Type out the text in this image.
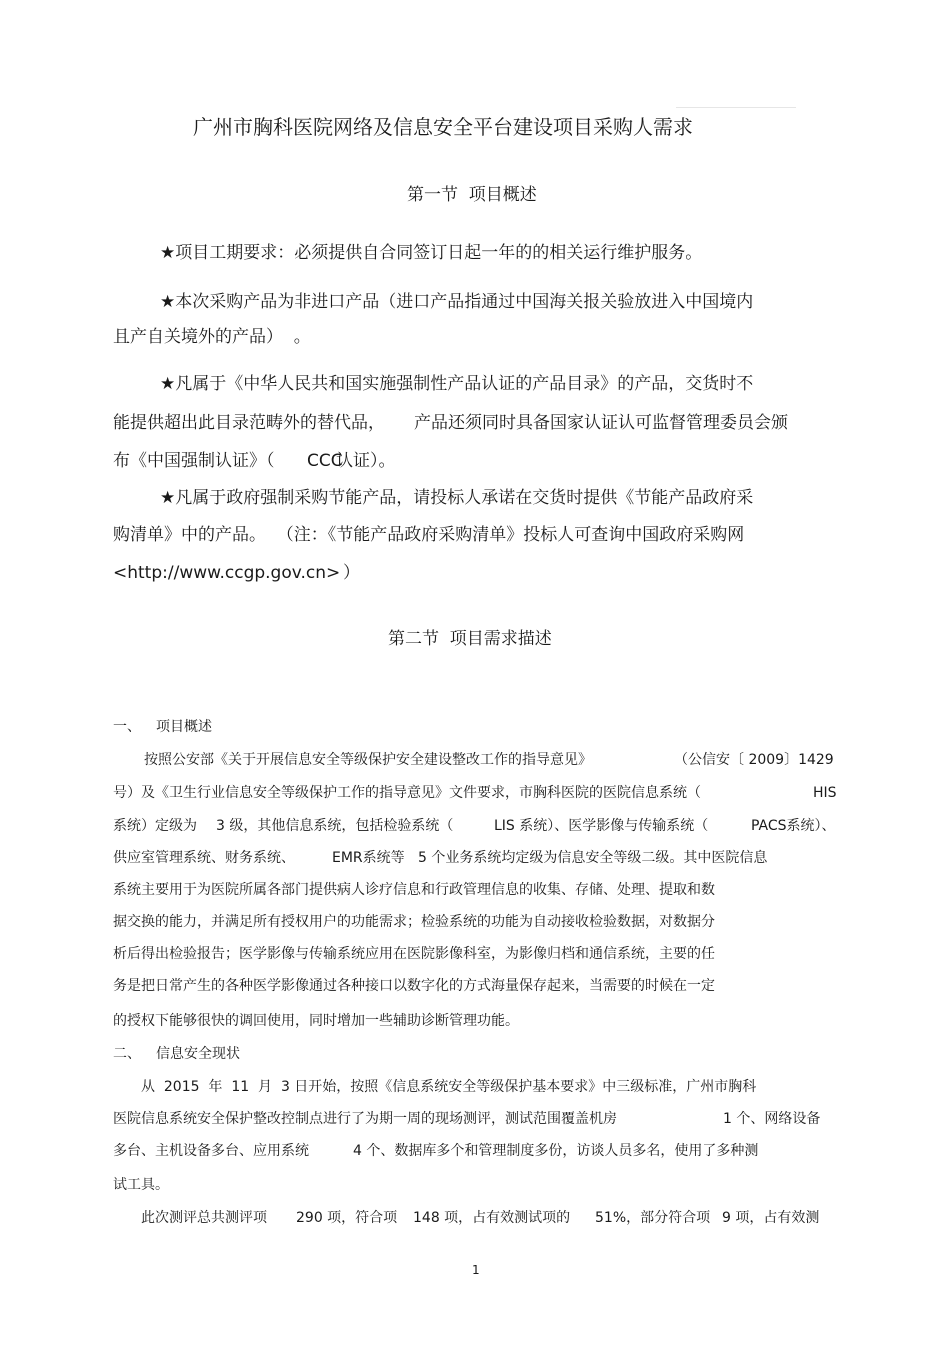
广州市胸科医院网络及信息安全平台建设项目采购人需求
第一节  项目概述
★项目工期要求：必须提供自合同签订日起一年的的相关运行维护服务。
★本次采购产品为非进口产品（进口产品指通过中国海关报关验放进入中国境内
且产自关境外的产品）  。
★凡属于《中华人民共和国实施强制性产品认证的产品目录》的产品，交货时不
能提供超出此目录范畴外的替代品， 产品还须同时具备国家认证认可监督管理委员会颁
布《中国强制认证》（ CCC
认证）。
★凡属于政府强制采购节能产品，请投标人承诺在交货时提供《节能产品政府采
购清单》中的产品。  （注：《节能产品政府采购清单》投标人可查询中国政府采购网
<http://www.ccgp.gov.cn> ）
第二节  项目需求描述
一、 项目概述
按照公安部《关于开展信息安全等级保护安全建设整改工作的指导意见》	（公信安〔 2009〕1429
号）及《卫生行业信息安全等级保护工作的指导意见》文件要求，市胸科医院的医院信息系统（	HIS
系统）定级为 3 级，其他信息系统，包括检验系统（	LIS 系统）、医学影像与传输系统（	PACS系统）、
供应室管理系统、财务系统、	EMR系统等 5 个业务系统均定级为信息安全等级二级。其中医院信息
系统主要用于为医院所属各部门提供病人诊疗信息和行政管理信息的收集、存储、处理、提取和数
据交换的能力，并满足所有授权用户的功能需求；检验系统的功能为自动接收检验数据，对数据分
析后得出检验报告；医学影像与传输系统应用在医院影像科室，为影像归档和通信系统，主要的任
务是把日常产生的各种医学影像通过各种接口以数字化的方式海量保存起来，当需要的时候在一定
的授权下能够很快的调回使用，同时增加一些辅助诊断管理功能。
二、 信息安全现状
从  2015  年  11  月  3 日开始，按照《信息系统安全等级保护基本要求》中三级标准，广州市胸科
医院信息系统安全保护整改控制点进行了为期一周的现场测评，测试范围覆盖机房	1 个、网络设备
多台、主机设备多台、应用系统	4 个、数据库多个和管理制度多份，访谈人员多名，使用了多种测
试工具。
此次测评总共测评项 290 项，符合项 148 项，占有效测试项的 51%，部分符合项 9 项，占有效测
1
